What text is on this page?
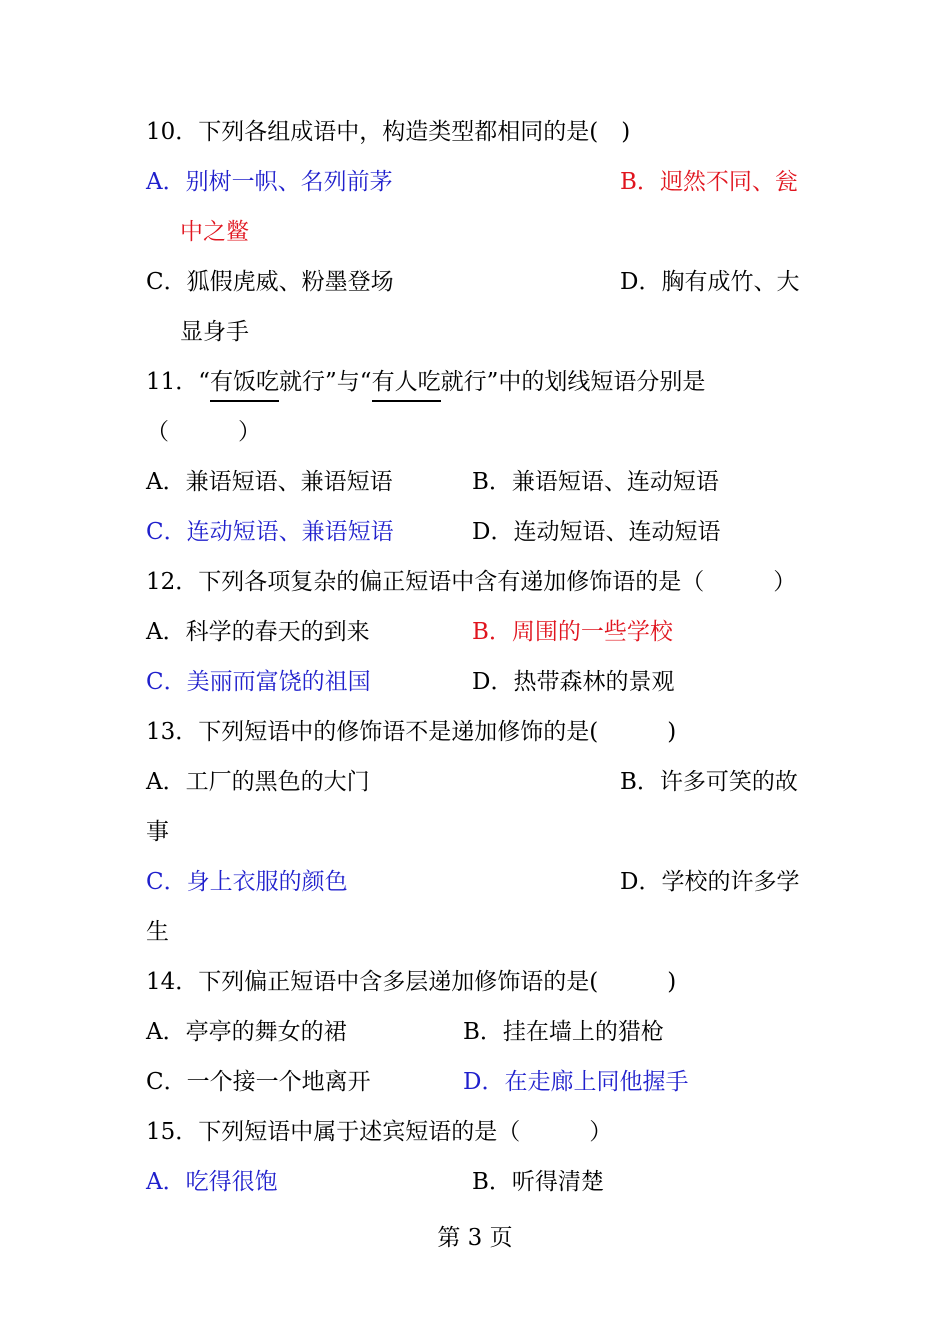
10．下列各组成语中，构造类型都相同的是(　)
A．别树一帜、名列前茅	B．迥然不同、瓮
中之鳖
C．狐假虎威、粉墨登场	D．胸有成竹、大
显身手
11．“有饭吃就行”与“有人吃就行”中的划线短语分别是
（　　　）
A．兼语短语、兼语短语	B．兼语短语、连动短语
C．连动短语、兼语短语	D．连动短语、连动短语
12．下列各项复杂的偏正短语中含有递加修饰语的是（　　　）
A．科学的春天的到来	B．周围的一些学校
C．美丽而富饶的祖国	D．热带森林的景观
13．下列短语中的修饰语不是递加修饰的是(　　　)
A．工厂的黑色的大门	B．许多可笑的故
事
C．身上衣服的颜色	D．学校的许多学
生
14．下列偏正短语中含多层递加修饰语的是(　　　)
A．亭亭的舞女的裙	B．挂在墙上的猎枪
C．一个接一个地离开	D．在走廊上同他握手
15．下列短语中属于述宾短语的是（　　　）
A．吃得很饱	B．听得清楚
第 3 页
